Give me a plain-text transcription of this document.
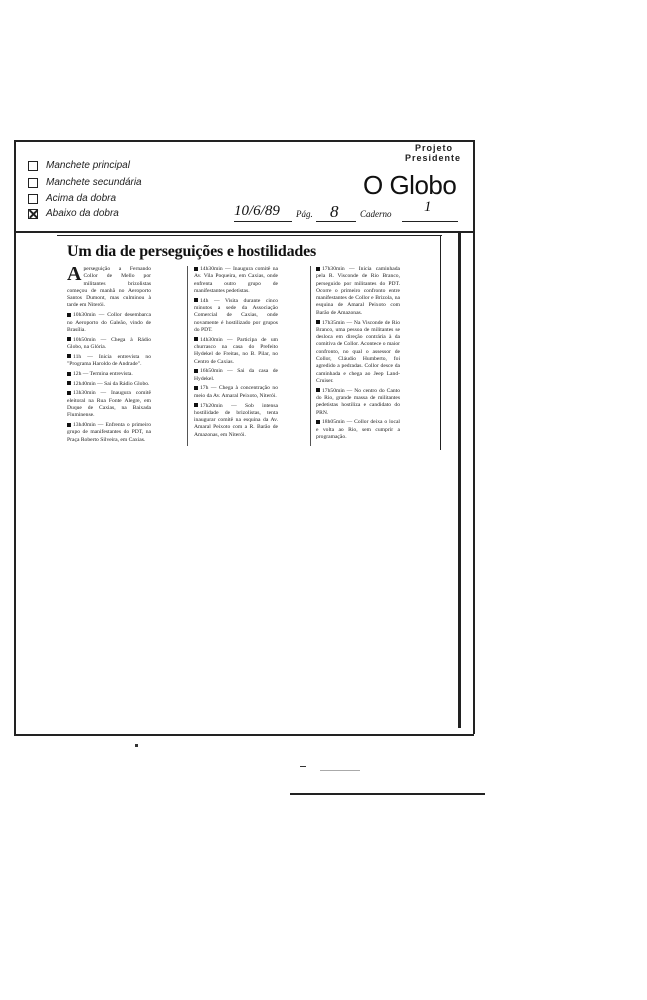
Manchete principal
Manchete secundária
Acima da dobra
Abaixo da dobra
Projeto
Presidente
O Globo
10/6/89 Pág. 8 Caderno 1
Um dia de perseguições e hostilidades

Aperseguição a Fernando Collor de Mello por militantes brizolistas começou de manhã no Aeroporto Santos Dumont, mas culminou à tarde em Niterói.

10h30min — Collor desembarca no Aeroporto do Galeão, vindo de Brasília.

10h50min — Chega à Rádio Globo, na Glória.

11h — Inicia entrevista no "Programa Haroldo de Andrade".

12h — Termina entrevista.

12h40min — Sai da Rádio Globo.

13h30min — Inaugura comitê eleitoral na Rua Fonte Alegre, em Duque de Caxias, na Baixada Fluminense.

13h40min — Enfrenta o primeiro grupo de manifestantes do PDT, na Praça Roberto Silveira, em Caxias.

14h30min — Inaugura comitê na Av. Vila Poqueira, em Caxias, onde enfrenta outro grupo de manifestantes pedetistas.

14h — Visita durante cinco minutos a sede da Associação Comercial de Caxias, onde novamente é hostilizado por grupos do PDT.

14h30min — Participa de um churrasco na casa do Prefeito Hydekel de Freitas, no B. Pilar, no Centro de Caxias.

16h50min — Sai da casa de Hydekel.

17h — Chega à concentração no meio da Av. Amaral Peixoto, Niterói.

17h20min — Sob intensa hostilidade de brizolistas, tenta inaugurar comitê na esquina da Av. Amaral Peixoto com a R. Barão de Amazonas, em Niterói.

17h30min — Inicia caminhada pela R. Visconde de Rio Branco, perseguido por militantes do PDT. Ocorre o primeiro confronto entre manifestantes de Collor e Brizola, na esquina de Amaral Peixoto com Barão de Amazonas.

17h35min — Na Visconde de Rio Branco, uma pessoa de militantes se desloca em direção contrária à da comitiva de Collor. Acontece o maior confronto, no qual o assessor de Collor, Cláudio Humberto, foi agredido a pedradas. Collor desce da caminhada e chega ao Jeep Land-Cruiser.

17h50min — No centro do Canto do Rio, grande massa de militantes pedetistas hostiliza e candidato do PRN.

18h05min — Collor deixa o local e volta ao Rio, sem cumprir a programação.
